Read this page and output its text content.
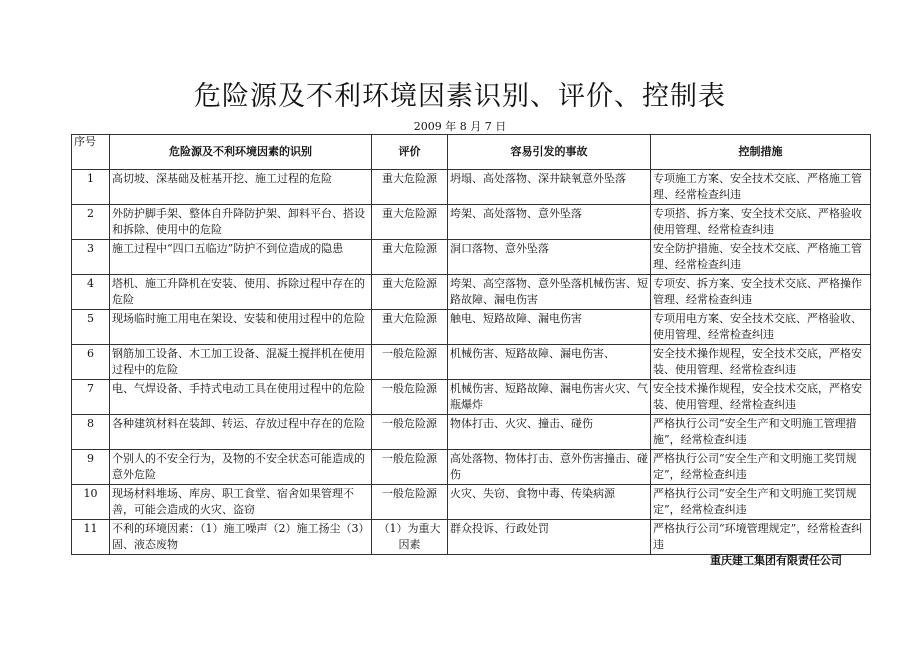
危险源及不利环境因素识别、评价、控制表
2009 年 8 月 7 日
序号	危险源及不利环境因素的识别	评价	容易引发的事故	控制措施
1	高切坡、深基础及桩基开挖、施工过程的危险	重大危险源	坍塌、高处落物、深井缺氧意外坠落	专项施工方案、安全技术交底、严格施工管理、经常检查纠违
2	外防护脚手架、整体自升降防护架、卸料平台、搭设和拆除、使用中的危险	重大危险源	垮架、高处落物、意外坠落	专项搭、拆方案、安全技术交底、严格验收使用管理、经常检查纠违
3	施工过程中“四口五临边”防护不到位造成的隐患	重大危险源	洞口落物、意外坠落	安全防护措施、安全技术交底、严格施工管理、经常检查纠违
4	塔机、施工升降机在安装、使用、拆除过程中存在的危险	重大危险源	垮架、高空落物、意外坠落机械伤害、短路故障、漏电伤害	专项安、拆方案、安全技术交底、严格操作管理、经常检查纠违
5	现场临时施工用电在架设、安装和使用过程中的危险	重大危险源	触电、短路故障、漏电伤害	专项用电方案、安全技术交底、严格验收、使用管理、经常检查纠违
6	钢筋加工设备、木工加工设备、混凝土搅拌机在使用过程中的危险	一般危险源	机械伤害、短路故障、漏电伤害、	安全技术操作规程，安全技术交底，严格安装、使用管理、经常检查纠违
7	电、气焊设备、手持式电动工具在使用过程中的危险	一般危险源	机械伤害、短路故障、漏电伤害火灾、气瓶爆炸	安全技术操作规程，安全技术交底，严格安装、使用管理、经常检查纠违
8	各种建筑材料在装卸、转运、存放过程中存在的危险	一般危险源	物体打击、火灾、撞击、碰伤	严格执行公司“安全生产和文明施工管理措施”，经常检查纠违
9	个别人的不安全行为，及物的不安全状态可能造成的意外危险	一般危险源	高处落物、物体打击、意外伤害撞击、碰伤	严格执行公司“安全生产和文明施工奖罚规定”，经常检查纠违
10	现场材料堆场、库房、职工食堂、宿舍如果管理不善，可能会造成的火灾、盗窃	一般危险源	火灾、失窃、食物中毒、传染病源	严格执行公司“安全生产和文明施工奖罚规定”，经常检查纠违
11	不利的环境因素：（1）施工噪声（2）施工扬尘（3）固、液态废物	（1）为重大因素	群众投诉、行政处罚	严格执行公司“环境管理规定”，经常检查纠违
重庆建工集团有限责任公司
